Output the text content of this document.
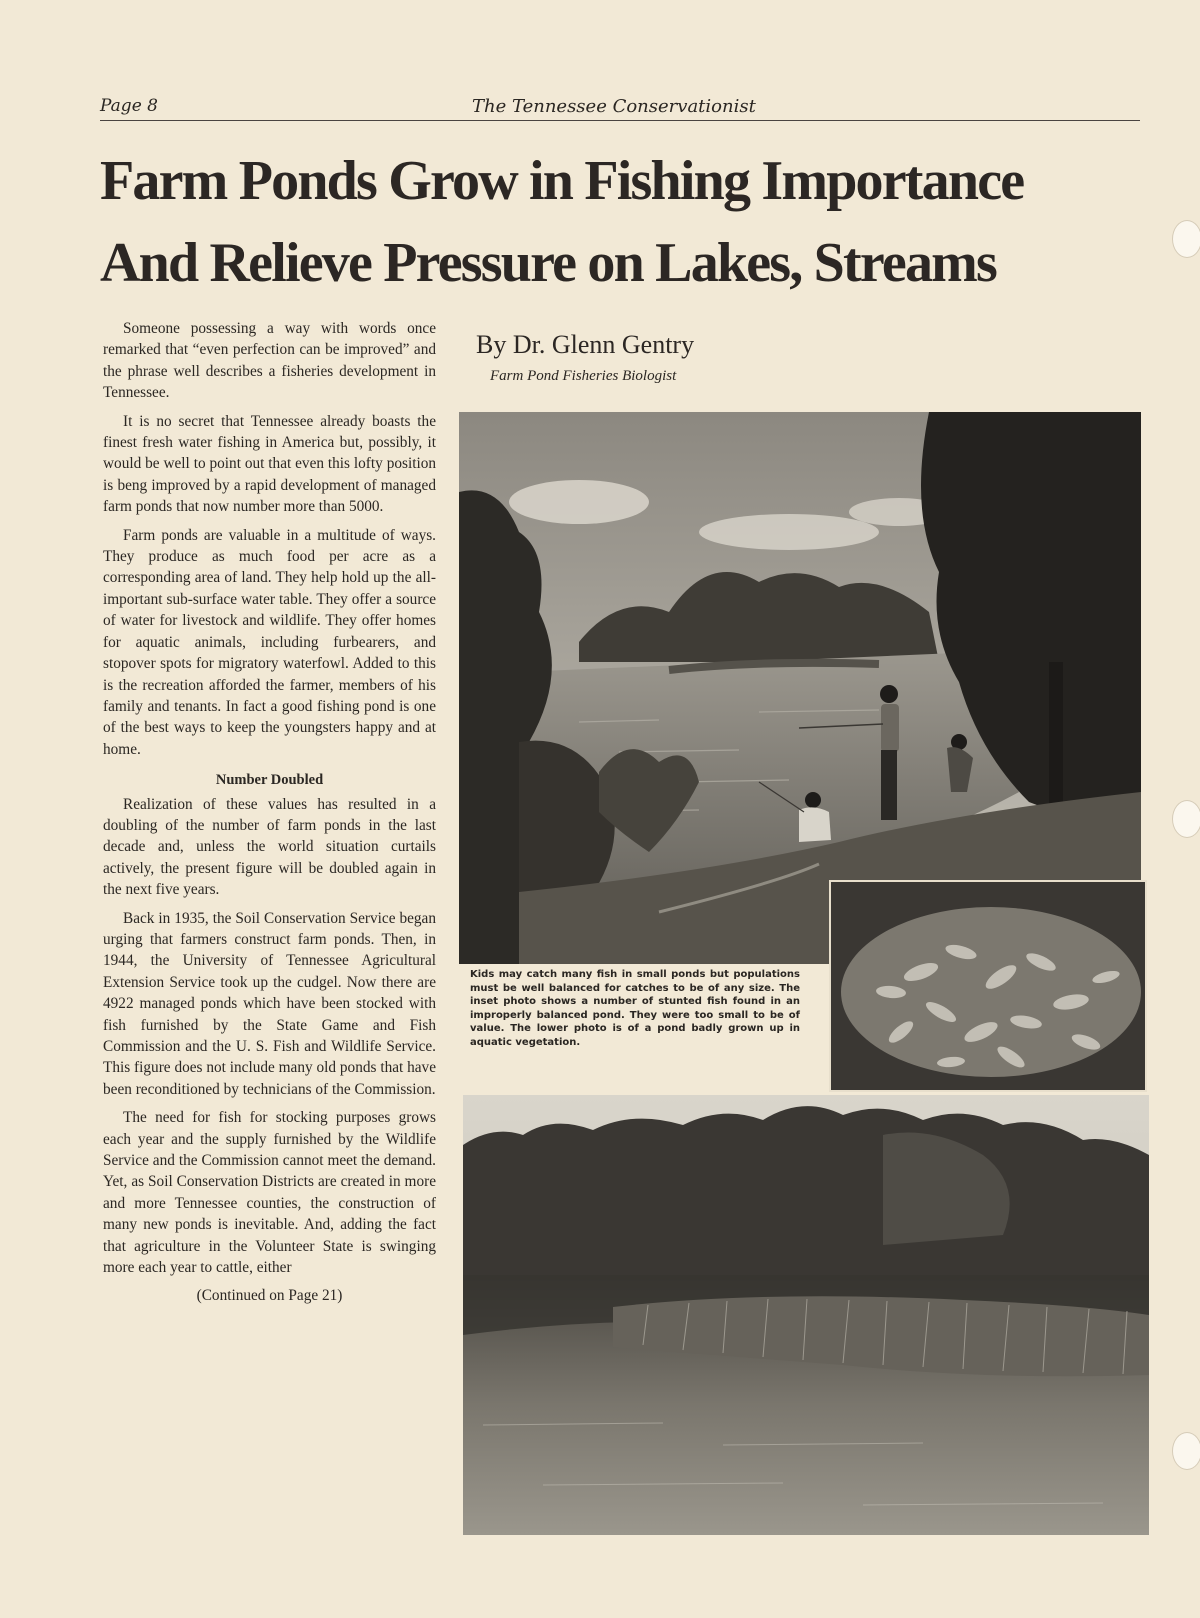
Page 8	The Tennessee Conservationist
Farm Ponds Grow in Fishing Importance
And Relieve Pressure on Lakes, Streams

Someone possessing a way with words once remarked that “even perfection can be improved” and the phrase well describes a fisheries development in Tennessee.

It is no secret that Tennessee already boasts the finest fresh water fishing in America but, possibly, it would be well to point out that even this lofty position is beng improved by a rapid development of managed farm ponds that now number more than 5000.

Farm ponds are valuable in a multitude of ways. They produce as much food per acre as a corresponding area of land. They help hold up the all-important sub-surface water table. They offer a source of water for livestock and wildlife. They offer homes for aquatic animals, including furbearers, and stopover spots for migratory waterfowl. Added to this is the recreation afforded the farmer, members of his family and tenants. In fact a good fishing pond is one of the best ways to keep the youngsters happy and at home.

Number Doubled

Realization of these values has resulted in a doubling of the number of farm ponds in the last decade and, unless the world situation curtails actively, the present figure will be doubled again in the next five years.

Back in 1935, the Soil Conservation Service began urging that farmers construct farm ponds. Then, in 1944, the University of Tennessee Agricultural Extension Service took up the cudgel. Now there are 4922 managed ponds which have been stocked with fish furnished by the State Game and Fish Commission and the U. S. Fish and Wildlife Service. This figure does not include many old ponds that have been reconditioned by technicians of the Commission.

The need for fish for stocking purposes grows each year and the supply furnished by the Wildlife Service and the Commission cannot meet the demand. Yet, as Soil Conservation Districts are created in more and more Tennessee counties, the construction of many new ponds is inevitable. And, adding the fact that agriculture in the Volunteer State is swinging more each year to cattle, either

(Continued on Page 21)
By Dr. Glenn Gentry
Farm Pond Fisheries Biologist
Kids may catch many fish in small ponds but populations must be well balanced for catches to be of any size. The inset photo shows a number of stunted fish found in an improperly balanced pond. They were too small to be of value. The lower photo is of a pond badly grown up in aquatic vegetation.
